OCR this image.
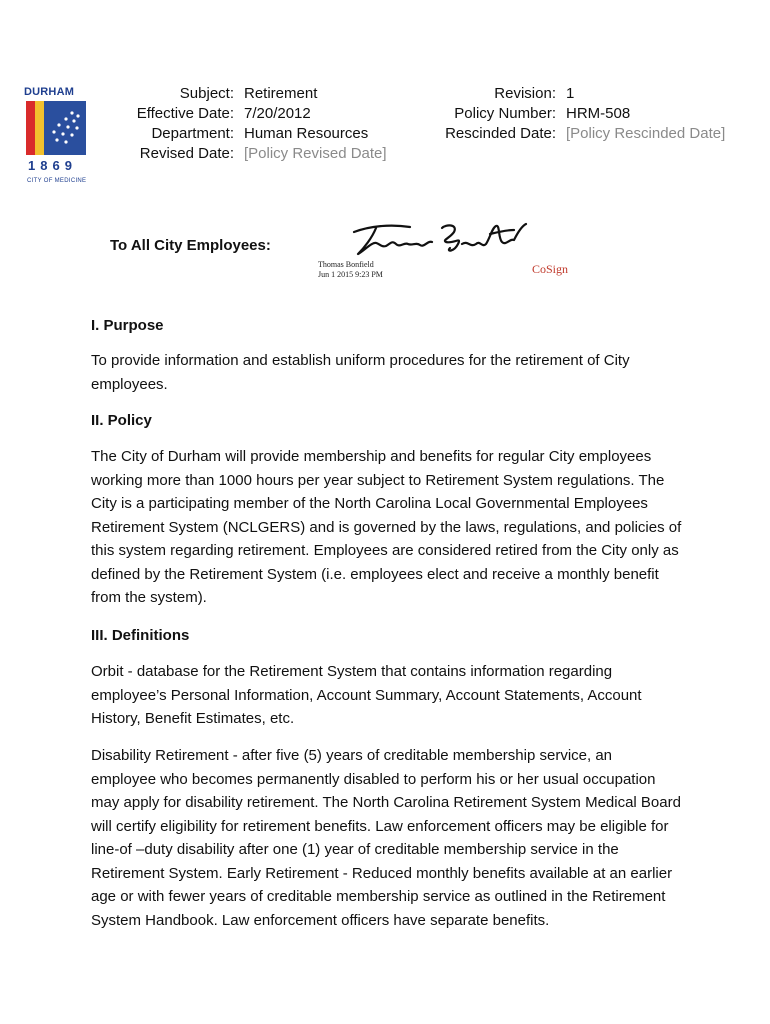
DURHAM
1869
CITY OF MEDICINE
Subject:
Effective Date:
Department:
Revised Date:
Retirement
7/20/2012
Human Resources
[Policy Revised Date]
Revision:
Policy Number:
Rescinded Date:
1
HRM-508
[Policy Rescinded Date]
To All City Employees:
Thomas Bonfield
Jun 1 2015 9:23 PM	CoSign
I. Purpose
To provide information and establish uniform procedures for the retirement of City employees.
II. Policy
The City of Durham will provide membership and benefits for regular City employees working more than 1000 hours per year subject to Retirement System regulations. The City is a participating member of the North Carolina Local Governmental Employees Retirement System (NCLGERS) and is governed by the laws, regulations, and policies of this system regarding retirement. Employees are considered retired from the City only as defined by the Retirement System (i.e. employees elect and receive a monthly benefit from the system).
III. Definitions
Orbit - database for the Retirement System that contains information regarding employee’s Personal Information, Account Summary, Account Statements, Account History, Benefit Estimates, etc.
Disability Retirement - after five (5) years of creditable membership service, an employee who becomes permanently disabled to perform his or her usual occupation may apply for disability retirement. The North Carolina Retirement System Medical Board will certify eligibility for retirement benefits. Law enforcement officers may be eligible for line-of –duty disability after one (1) year of creditable membership service in the Retirement System. Early Retirement - Reduced monthly benefits available at an earlier age or with fewer years of creditable membership service as outlined in the Retirement System Handbook. Law enforcement officers have separate benefits.
